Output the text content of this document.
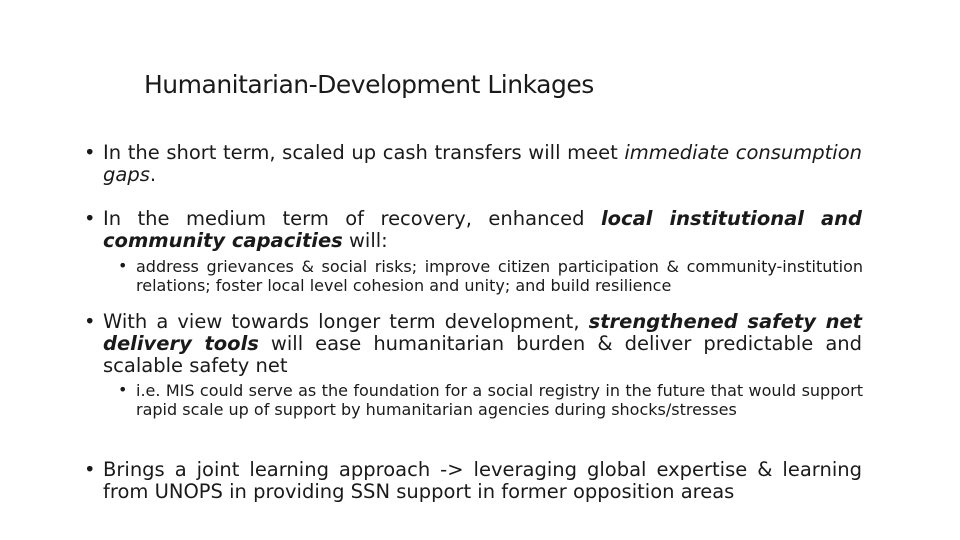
Humanitarian-Development Linkages
• In the short term, scaled up cash transfers will meet immediate consumption gaps.
• In the medium term of recovery, enhanced local institutional and community capacities will:
• address grievances & social risks; improve citizen participation & community-institution relations; foster local level cohesion and unity; and build resilience
• With a view towards longer term development, strengthened safety net delivery tools will ease humanitarian burden & deliver predictable and scalable safety net
• i.e. MIS could serve as the foundation for a social registry in the future that would support rapid scale up of support by humanitarian agencies during shocks/stresses
• Brings a joint learning approach -> leveraging global expertise & learning from UNOPS in providing SSN support in former opposition areas
